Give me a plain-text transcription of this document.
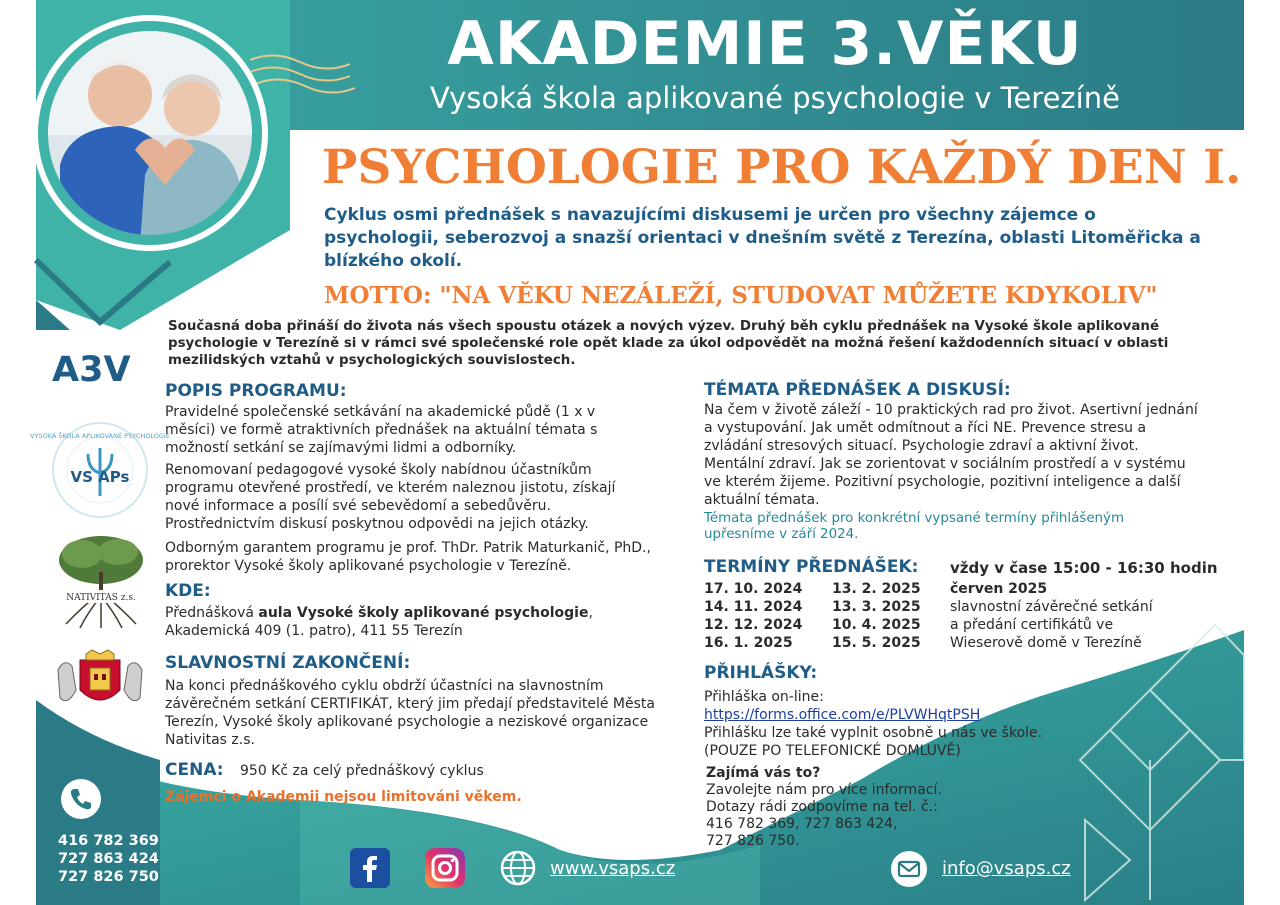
AKADEMIE 3.VĚKU
Vysoká škola aplikované psychologie v Terezíně
PSYCHOLOGIE PRO KAŽDÝ DEN I.
Cyklus osmi přednášek s navazujícími diskusemi je určen pro všechny zájemce o psychologii, seberozvoj a snazší orientaci v dnešním světě z Terezína, oblasti Litoměřicka a blízkého okolí.
MOTTO: "NA VĚKU NEZÁLEŽÍ, STUDOVAT MŮŽETE KDYKOLIV"
Současná doba přináší do života nás všech spoustu otázek a nových výzev. Druhý běh cyklu přednášek na Vysoké škole aplikované psychologie v Terezíně si v rámci své společenské role opět klade za úkol odpovědět na možná řešení každodenních situací v oblasti mezilidských vztahů v psychologických souvislostech.
A3V
VYSOKÁ ŠKOLA APLIKOVANÉ PSYCHOLOGIE
VS APs
NATIVITAS z.s.
POPIS PROGRAMU:
Pravidelné společenské setkávání na akademické půdě (1 x v měsíci) ve formě atraktivních přednášek na aktuální témata s možností setkání se zajímavými lidmi a odborníky.
Renomovaní pedagogové vysoké školy nabídnou účastníkům programu otevřené prostředí, ve kterém naleznou jistotu, získají nové informace a posílí své sebevědomí a sebedůvěru. Prostřednictvím diskusí poskytnou odpovědi na jejich otázky.
Odborným garantem programu je prof. ThDr. Patrik Maturkanič, PhD., prorektor Vysoké školy aplikované psychologie v Terezíně.
KDE:
Přednášková aula Vysoké školy aplikované psychologie,
Akademická 409 (1. patro), 411 55 Terezín
SLAVNOSTNÍ ZAKONČENÍ:
Na konci přednáškového cyklu obdrží účastníci na slavnostním závěrečném setkání CERTIFIKÁT, který jim předají představitelé Města Terezín, Vysoké školy aplikované psychologie a neziskové organizace Nativitas z.s.
CENA: 950 Kč za celý přednáškový cyklus
Zájemci o Akademii nejsou limitováni věkem.
TÉMATA PŘEDNÁŠEK A DISKUSÍ:
Na čem v životě záleží - 10 praktických rad pro život. Asertivní jednání a vystupování. Jak umět odmítnout a říci NE. Prevence stresu a zvládání stresových situací. Psychologie zdraví a aktivní život. Mentální zdraví. Jak se zorientovat v sociálním prostředí a v systému ve kterém žijeme. Pozitivní psychologie, pozitivní inteligence a další aktuální témata.
Témata přednášek pro konkrétní vypsané termíny přihlášeným upřesníme v září 2024.
TERMÍNY PŘEDNÁŠEK: vždy v čase 15:00 - 16:30 hodin
17. 10. 2024
14. 11. 2024
12. 12. 2024
16. 1. 2025
13. 2. 2025
13. 3. 2025
10. 4. 2025
15. 5. 2025
červen 2025
slavnostní závěrečné setkání
a předání certifikátů ve
Wieserově domě v Terezíně
PŘIHLÁŠKY:
Přihláška on-line:
https://forms.office.com/e/PLVWHqtPSH
Přihlášku lze také vyplnit osobně u nás ve škole.
(POUZE PO TELEFONICKÉ DOMLUVĚ)
Zajímá vás to?
Zavolejte nám pro více informací.
Dotazy rádi zodpovíme na tel. č.:
416 782 369, 727 863 424,
727 826 750.
416 782 369
727 863 424
727 826 750	www.vsaps.cz	info@vsaps.cz
